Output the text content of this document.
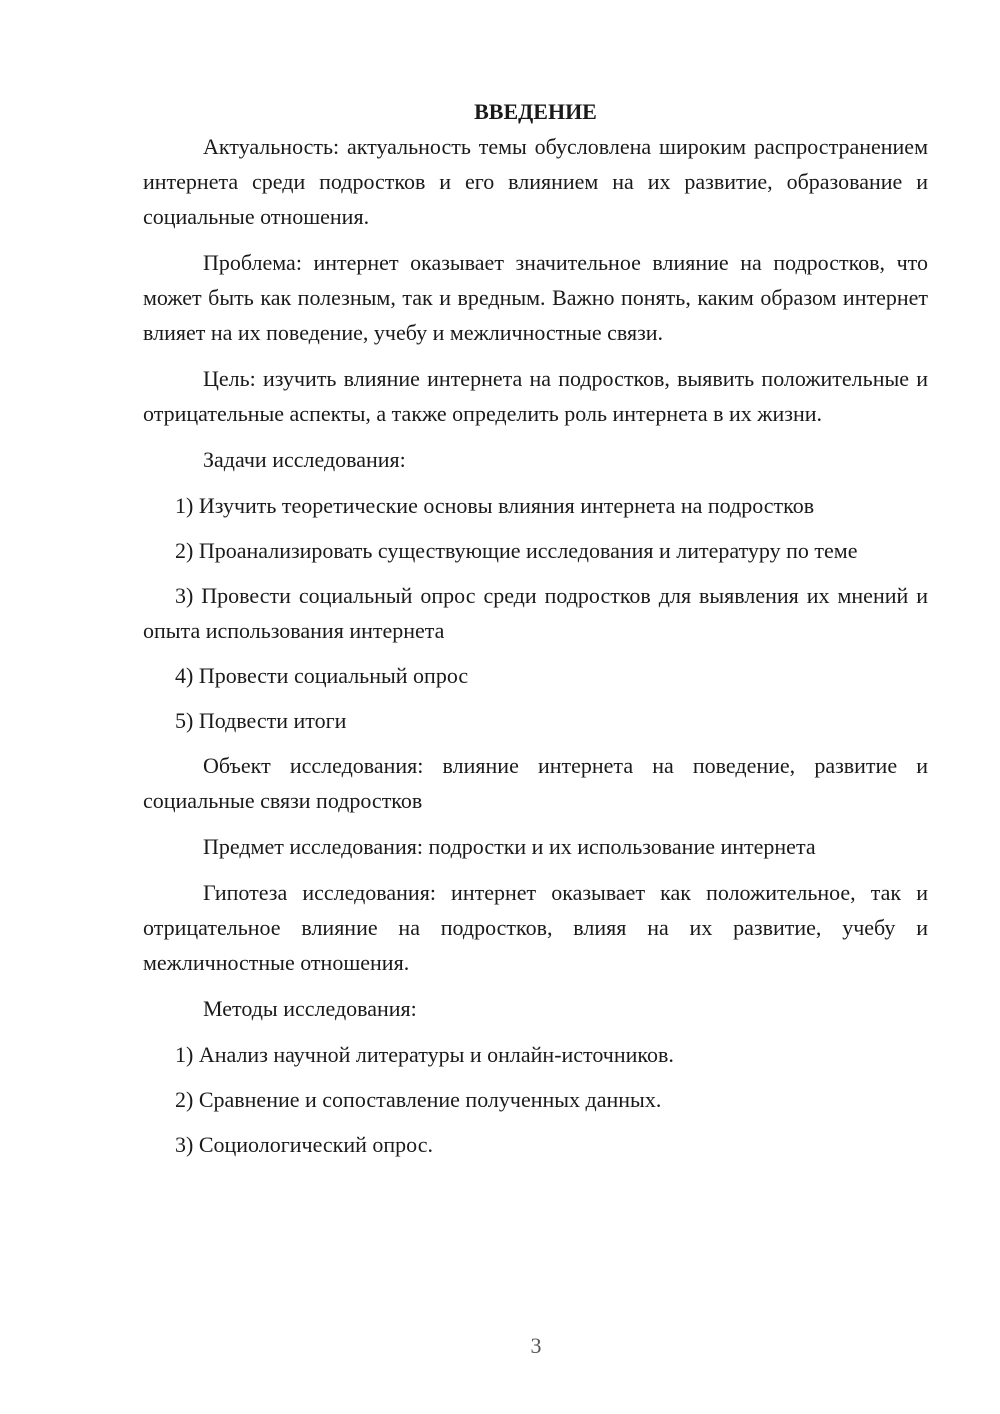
ВВЕДЕНИЕ

Актуальность: актуальность темы обусловлена широким распространением интернета среди подростков и его влиянием на их развитие, образование и социальные отношения.

Проблема: интернет оказывает значительное влияние на подростков, что может быть как полезным, так и вредным. Важно понять, каким образом интернет влияет на их поведение, учебу и межличностные связи.

Цель: изучить влияние интернета на подростков, выявить положительные и отрицательные аспекты, а также определить роль интернета в их жизни.

Задачи исследования:

1) Изучить теоретические основы влияния интернета на подростков

2) Проанализировать существующие исследования и литературу по теме

3) Провести социальный опрос среди подростков для выявления их мнений и опыта использования интернета

4) Провести социальный опрос

5) Подвести итоги

Объект исследования: влияние интернета на поведение, развитие и социальные связи подростков

Предмет исследования: подростки и их использование интернета

Гипотеза исследования: интернет оказывает как положительное, так и отрицательное влияние на подростков, влияя на их развитие, учебу и межличностные отношения.

Методы исследования:

1) Анализ научной литературы и онлайн-источников.

2) Сравнение и сопоставление полученных данных.

3) Социологический опрос.

3
